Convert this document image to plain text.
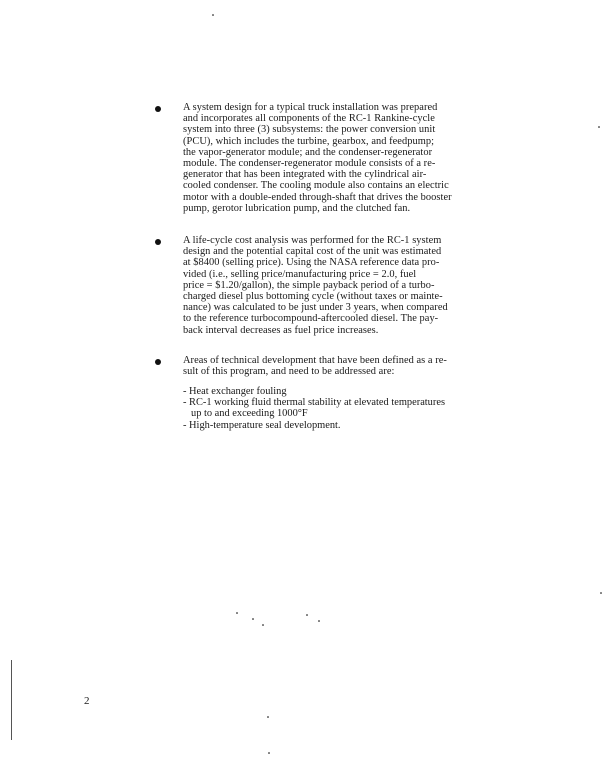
A system design for a typical truck installation was prepared
and incorporates all components of the RC-1 Rankine-cycle
system into three (3) subsystems: the power conversion unit
(PCU), which includes the turbine, gearbox, and feedpump;
the vapor-generator module; and the condenser-regenerator
module. The condenser-regenerator module consists of a re-
generator that has been integrated with the cylindrical air-
cooled condenser. The cooling module also contains an electric
motor with a double-ended through-shaft that drives the booster
pump, gerotor lubrication pump, and the clutched fan.
A life-cycle cost analysis was performed for the RC-1 system
design and the potential capital cost of the unit was estimated
at $8400 (selling price). Using the NASA reference data pro-
vided (i.e., selling price/manufacturing price = 2.0, fuel
price = $1.20/gallon), the simple payback period of a turbo-
charged diesel plus bottoming cycle (without taxes or mainte-
nance) was calculated to be just under 3 years, when compared
to the reference turbocompound-aftercooled diesel. The pay-
back interval decreases as fuel price increases.
Areas of technical development that have been defined as a re-
sult of this program, and need to be addressed are:
- Heat exchanger fouling
- RC-1 working fluid thermal stability at elevated temperatures
up to and exceeding 1000°F
- High-temperature seal development.
2
